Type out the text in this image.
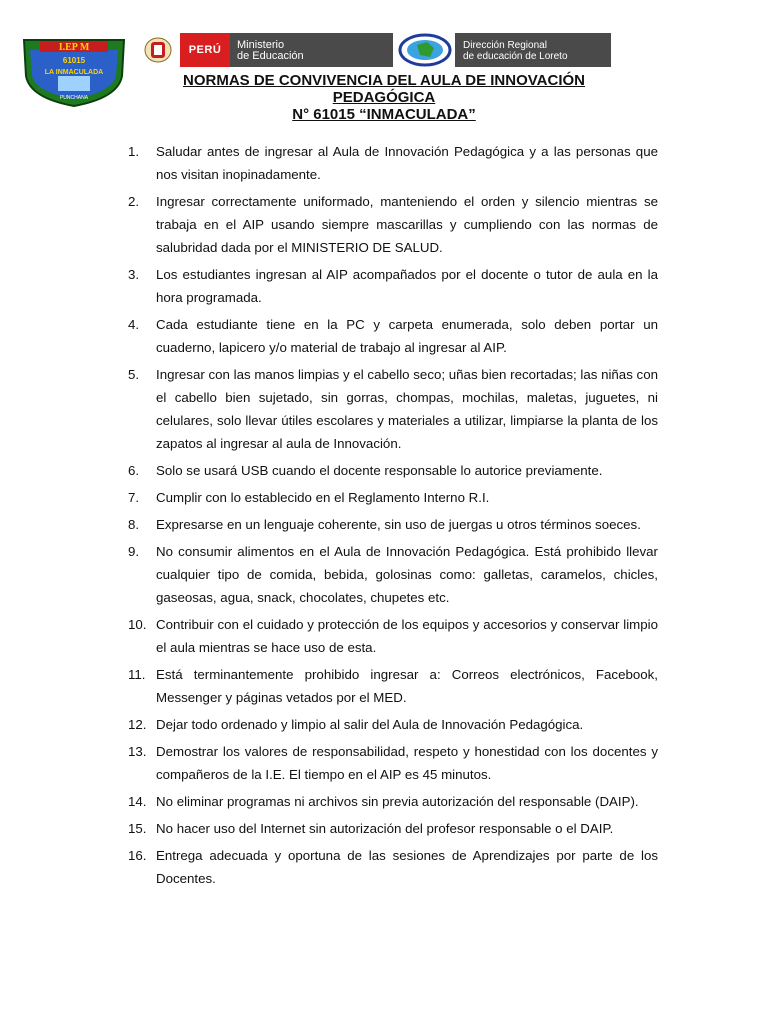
I.EP M
61015
LA INMACULADA
PUNCHANA
PERÚ	Ministerio
de Educación
Dirección Regional
de educación de Loreto
NORMAS DE CONVIVENCIA DEL AULA DE INNOVACIÓN
PEDAGÓGICA
N° 61015 “INMACULADA”
1. Saludar antes de ingresar al Aula de Innovación Pedagógica y a las personas que nos visitan inopinadamente.
2. Ingresar correctamente uniformado, manteniendo el orden y silencio mientras se trabaja en el AIP usando siempre mascarillas y cumpliendo con las normas de salubridad dada por el MINISTERIO DE SALUD.
3. Los estudiantes ingresan al AIP acompañados por el docente o tutor de aula en la hora programada.
4. Cada estudiante tiene en la PC y carpeta enumerada, solo deben portar un cuaderno, lapicero y/o material de trabajo al ingresar al AIP.
5. Ingresar con las manos limpias y el cabello seco; uñas bien recortadas; las niñas con el cabello bien sujetado, sin gorras, chompas, mochilas, maletas, juguetes, ni celulares, solo llevar útiles escolares y materiales a utilizar, limpiarse la planta de los zapatos al ingresar al aula de Innovación.
6. Solo se usará USB cuando el docente responsable lo autorice previamente.
7. Cumplir con lo establecido en el Reglamento Interno R.I.
8. Expresarse en un lenguaje coherente, sin uso de juergas u otros términos soeces.
9. No consumir alimentos en el Aula de Innovación Pedagógica. Está prohibido llevar cualquier tipo de comida, bebida, golosinas como: galletas, caramelos, chicles, gaseosas, agua, snack, chocolates, chupetes etc.
10. Contribuir con el cuidado y protección de los equipos y accesorios y conservar limpio el aula mientras se hace uso de esta.
11. Está terminantemente prohibido ingresar a: Correos electrónicos, Facebook, Messenger y páginas vetados por el MED.
12. Dejar todo ordenado y limpio al salir del Aula de Innovación Pedagógica.
13. Demostrar los valores de responsabilidad, respeto y honestidad con los docentes y compañeros de la I.E. El tiempo en el AIP es 45 minutos.
14. No eliminar programas ni archivos sin previa autorización del responsable (DAIP).
15. No hacer uso del Internet sin autorización del profesor responsable o el DAIP.
16. Entrega adecuada y oportuna de las sesiones de Aprendizajes por parte de los Docentes.
